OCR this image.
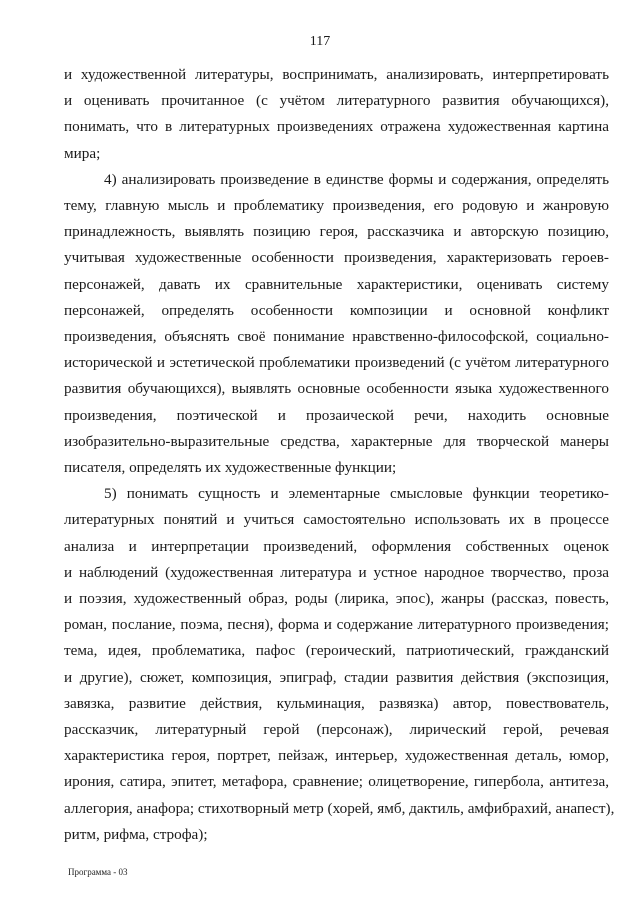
117
и художественной литературы, воспринимать, анализировать, интерпретировать
и оценивать прочитанное (с учётом литературного развития обучающихся),
понимать, что в литературных произведениях отражена художественная картина
мира;
4) анализировать произведение в единстве формы и содержания, определять
тему, главную мысль и проблематику произведения, его родовую и жанровую
принадлежность, выявлять позицию героя, рассказчика и авторскую позицию,
учитывая художественные особенности произведения, характеризовать героев-
персонажей, давать их сравнительные характеристики, оценивать систему
персонажей, определять особенности композиции и основной конфликт
произведения, объяснять своё понимание нравственно-философской, социально-
исторической и эстетической проблематики произведений (с учётом литературного
развития обучающихся), выявлять основные особенности языка художественного
произведения, поэтической и прозаической речи, находить основные
изобразительно-выразительные средства, характерные для творческой манеры
писателя, определять их художественные функции;
5) понимать сущность и элементарные смысловые функции теоретико-
литературных понятий и учиться самостоятельно использовать их в процессе
анализа и интерпретации произведений, оформления собственных оценок
и наблюдений (художественная литература и устное народное творчество, проза
и поэзия, художественный образ, роды (лирика, эпос), жанры (рассказ, повесть,
роман, послание, поэма, песня), форма и содержание литературного произведения;
тема, идея, проблематика, пафос (героический, патриотический, гражданский
и другие), сюжет, композиция, эпиграф, стадии развития действия (экспозиция,
завязка, развитие действия, кульминация, развязка) автор, повествователь,
рассказчик, литературный герой (персонаж), лирический герой, речевая
характеристика героя, портрет, пейзаж, интерьер, художественная деталь, юмор,
ирония, сатира, эпитет, метафора, сравнение; олицетворение, гипербола, антитеза,
аллегория, анафора; стихотворный метр (хорей, ямб, дактиль, амфибрахий, анапест),
ритм, рифма, строфа);
Программа - 03
